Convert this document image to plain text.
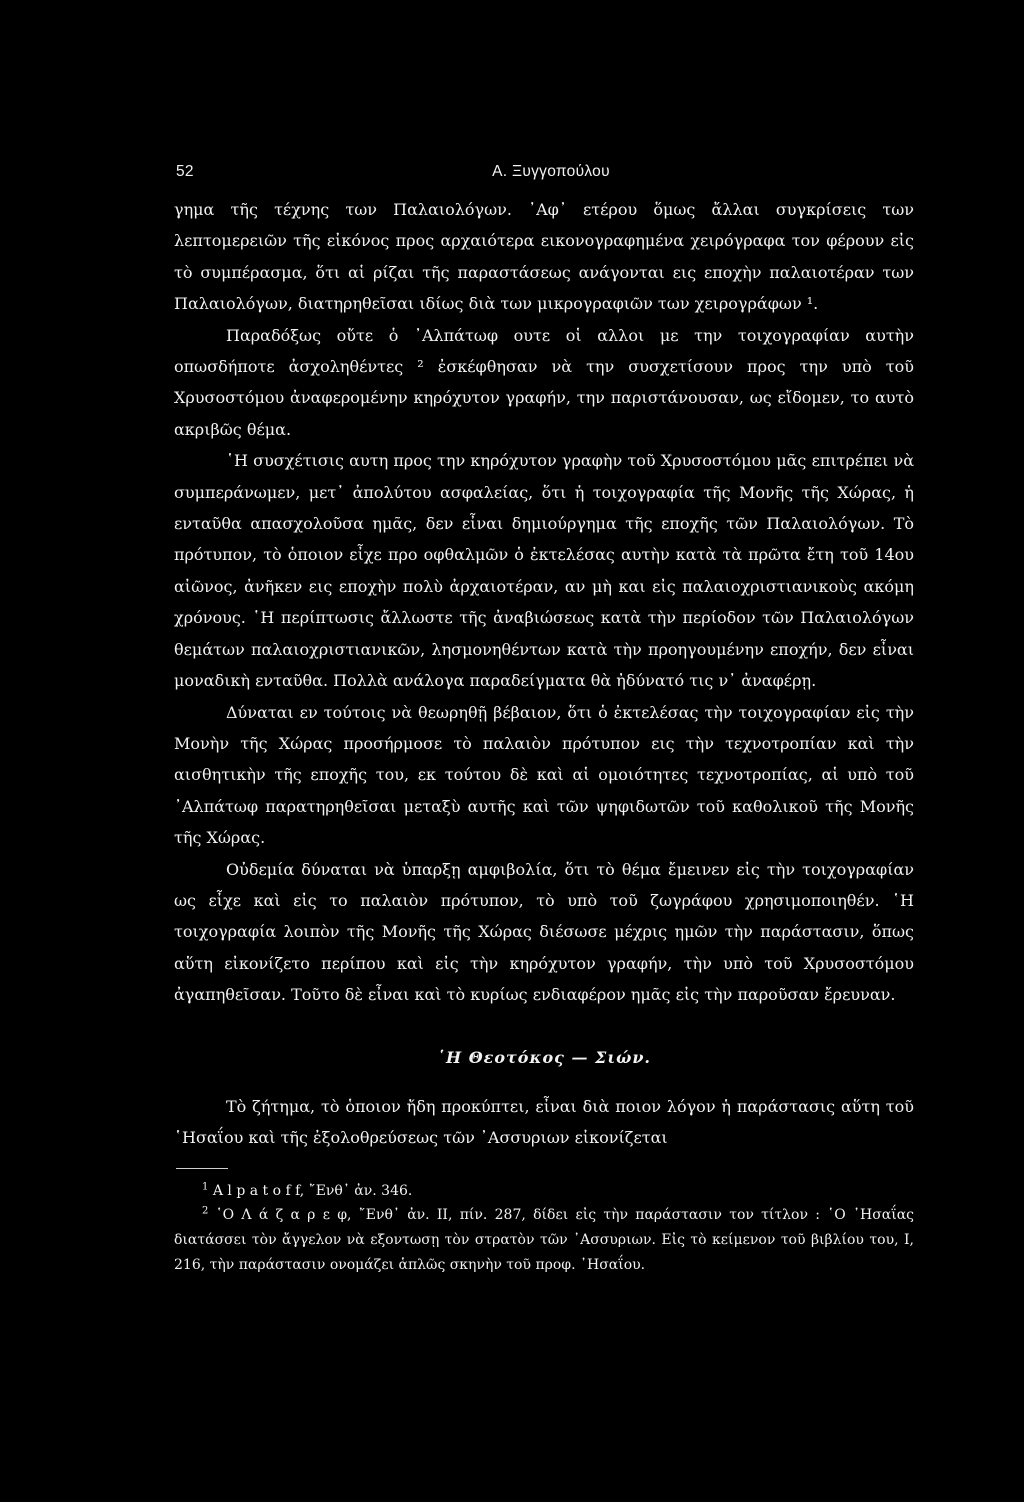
52	Α. Ξυγγοπούλου

γημα τῆς τέχνης των Παλαιολόγων. ᾿Αφ᾿ ετέρου ὅμως ἄλλαι συγκρίσεις των λεπτομερειῶν τῆς εἰκόνος προς αρχαιότερα εικονογραφημένα χειρόγραφα τον φέρουν εἰς τὸ συμπέρασμα, ὅτι αἱ ρίζαι τῆς παραστάσεως ανάγονται εις εποχὴν παλαιοτέραν των Παλαιολόγων, διατηρηθεῖσαι ιδίως διὰ των μικρογραφιῶν των χειρογράφων ¹.

Παραδόξως οὔτε ὁ ᾿Αλπάτωφ ουτε οἱ αλλοι με την τοιχογραφίαν αυτὴν οπωσδήποτε ἀσχοληθέντες ² ἐσκέφθησαν νὰ την συσχετίσουν προς την υπὸ τοῦ Χρυσοστόμου ἀναφερομένην κηρόχυτον γραφήν, την παριστάνουσαν, ως εἴδομεν, το αυτὸ ακριβῶς θέμα.

῾Η συσχέτισις αυτη προς την κηρόχυτον γραφὴν τοῦ Χρυσοστόμου μᾶς επιτρέπει νὰ συμπεράνωμεν, μετ᾿ ἀπολύτου ασφαλείας, ὅτι ἡ τοιχογραφία τῆς Μονῆς τῆς Χώρας, ἡ ενταῦθα απασχολοῦσα ημᾶς, δεν εἶναι δημιούργημα τῆς εποχῆς τῶν Παλαιολόγων. Τὸ πρότυπον, τὸ ὁποιον εἶχε προ οφθαλμῶν ὁ ἐκτελέσας αυτὴν κατὰ τὰ πρῶτα ἔτη τοῦ 14ου αἰῶνος, ἀνῆκεν εις εποχὴν πολὺ ἀρχαιοτέραν, αν μὴ και εἰς παλαιοχριστιανικοὺς ακόμη χρόνους. ῾Η περίπτωσις ἄλλωστε τῆς ἀναβιώσεως κατὰ τὴν περίοδον τῶν Παλαιολόγων θεμάτων παλαιοχριστιανικῶν, λησμονηθέντων κατὰ τὴν προηγουμένην εποχήν, δεν εἶναι μοναδικὴ ενταῦθα. Πολλὰ ανάλογα παραδείγματα θὰ ἠδύνατό τις ν᾿ ἀναφέρῃ.

Δύναται εν τούτοις νὰ θεωρηθῇ βέβαιον, ὅτι ὁ ἐκτελέσας τὴν τοιχογραφίαν εἰς τὴν Μονὴν τῆς Χώρας προσήρμοσε τὸ παλαιὸν πρότυπον εις τὴν τεχνοτροπίαν καὶ τὴν αισθητικὴν τῆς εποχῆς του, εκ τούτου δὲ καὶ αἱ ομοιότητες τεχνοτροπίας, αἱ υπὸ τοῦ ᾿Αλπάτωφ παρατηρηθεῖσαι μεταξὺ αυτῆς καὶ τῶν ψηφιδωτῶν τοῦ καθολικοῦ τῆς Μονῆς τῆς Χώρας.

Οὐδεμία δύναται νὰ ὑπαρξῃ αμφιβολία, ὅτι τὸ θέμα ἔμεινεν εἰς τὴν τοιχογραφίαν ως εἶχε καὶ εἰς το παλαιὸν πρότυπον, τὸ υπὸ τοῦ ζωγράφου χρησιμοποιηθέν. ῾Η τοιχογραφία λοιπὸν τῆς Μονῆς τῆς Χώρας διέσωσε μέχρις ημῶν τὴν παράστασιν, ὅπως αὕτη εἰκονίζετο περίπου καὶ εἰς τὴν κηρόχυτον γραφήν, τὴν υπὸ τοῦ Χρυσοστόμου ἀγαπηθεῖσαν. Τοῦτο δὲ εἶναι καὶ τὸ κυρίως ενδιαφέρον ημᾶς εἰς τὴν παροῦσαν ἔρευναν.

῾Η Θεοτόκος — Σιών.

Τὸ ζήτημα, τὸ ὁποιον ἤδη προκύπτει, εἶναι διὰ ποιον λόγον ἡ παράστασις αὕτη τοῦ ῾Ησαΐου καὶ τῆς ἐξολοθρεύσεως τῶν ᾿Ασσυριων εἰκονίζεται

$^1$ A l p a t o f f, ῎Ενθ᾿ ἀν. 346.

$^2$ ῾Ο Λ ά ζ α ρ ε φ, ῎Ενθ᾿ ἀν. II, πίν. 287, δίδει εἰς τὴν παράστασιν τον τίτλον : ῾Ο ᾿Ησαΐας διατάσσει τὸν ἄγγελον νὰ εξοντωσῃ τὸν στρατὸν τῶν ᾿Ασσυριων. Εἰς τὸ κείμενον τοῦ βιβλίου του, I, 216, τὴν παράστασιν ονομάζει ἁπλῶς σκηνὴν τοῦ προφ. ᾿Ησαΐου.
